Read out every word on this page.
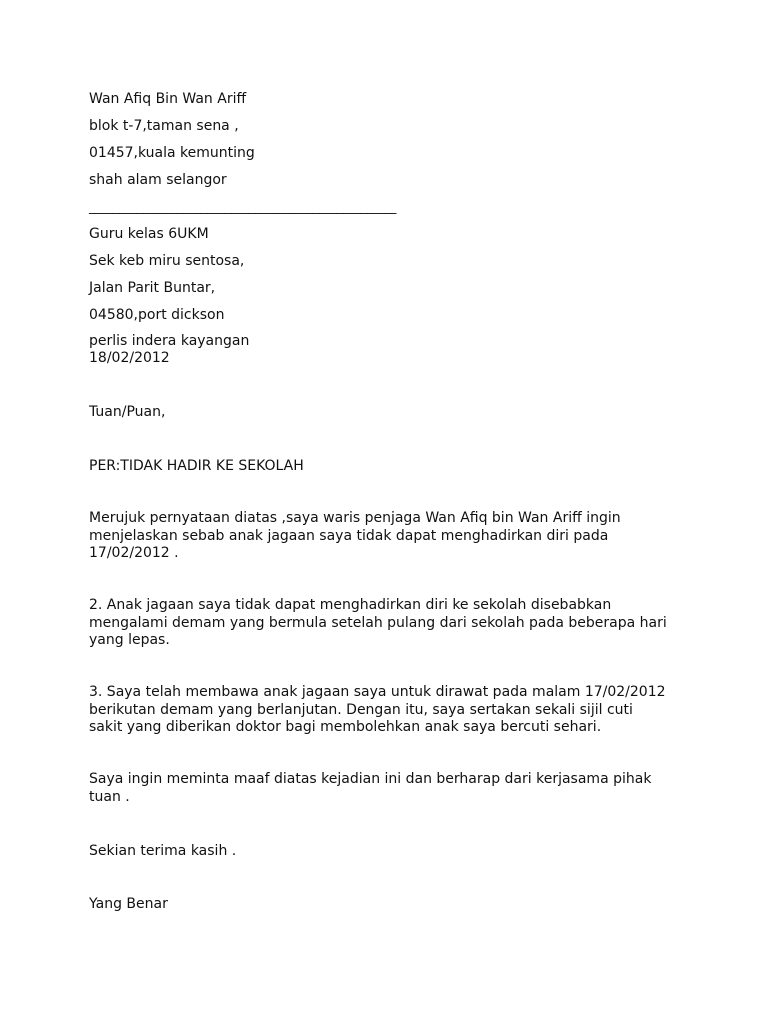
Wan Afiq Bin Wan Ariff
blok t-7,taman sena ,
01457,kuala kemunting
shah alam selangor
____________________________________________________
Guru kelas 6UKM
Sek keb miru sentosa,
Jalan Parit Buntar,
04580,port dickson
perlis indera kayangan
18/02/2012
Tuan/Puan,
PER:TIDAK HADIR KE SEKOLAH
Merujuk pernyataan diatas ,saya waris penjaga Wan Afiq bin Wan Ariff ingin menjelaskan sebab anak jagaan saya tidak dapat menghadirkan diri pada 17/02/2012 .
2. Anak jagaan saya tidak dapat menghadirkan diri ke sekolah disebabkan mengalami demam yang bermula setelah pulang dari sekolah pada beberapa hari yang lepas.
3. Saya telah membawa anak jagaan saya untuk dirawat pada malam 17/02/2012 berikutan demam yang berlanjutan. Dengan itu, saya sertakan sekali sijil cuti sakit yang diberikan doktor bagi membolehkan anak saya bercuti sehari.
Saya ingin meminta maaf diatas kejadian ini dan berharap dari kerjasama pihak tuan .
Sekian terima kasih .
Yang Benar
